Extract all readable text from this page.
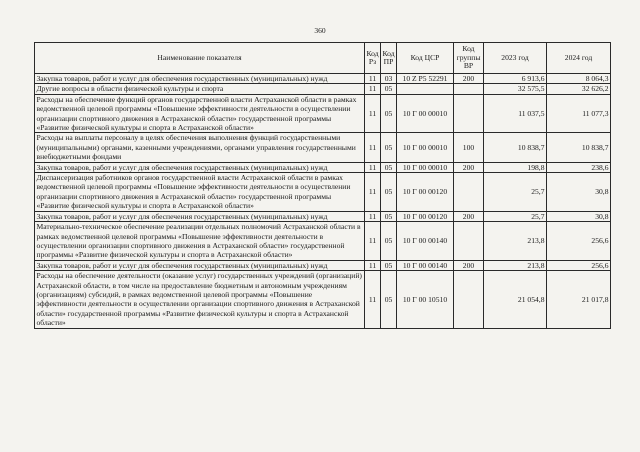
360
Наименование показателя	Код Рз	Код ПР	Код ЦСР	Код группы ВР	2023 год	2024 год
Закупка товаров, работ и услуг для обеспечения государственных (муниципальных) нужд	11	03	10 Z P5 52291	200	6 913,6	8 064,3
Другие вопросы в области физической культуры и спорта	11	05			32 575,5	32 626,2
Расходы на обеспечение функций органов государственной власти Астраханской области в рамках ведомственной целевой программы «Повышение эффективности деятельности в осуществлении организации спортивного движения в Астраханской области» государственной программы «Развитие физической культуры и спорта в Астраханской области»	11	05	10 Г 00 00010		11 037,5	11 077,3
Расходы на выплаты персоналу в целях обеспечения выполнения функций государственными (муниципальными) органами, казенными учреждениями, органами управления государственными внебюджетными фондами	11	05	10 Г 00 00010	100	10 838,7	10 838,7
Закупка товаров, работ и услуг для обеспечения государственных (муниципальных) нужд	11	05	10 Г 00 00010	200	198,8	238,6
Диспансеризация работников органов государственной власти Астраханской области в рамках ведомственной целевой программы «Повышение эффективности деятельности в осуществлении организации спортивного движения в Астраханской области» государственной программы «Развитие физической культуры и спорта в Астраханской области»	11	05	10 Г 00 00120		25,7	30,8
Закупка товаров, работ и услуг для обеспечения государственных (муниципальных) нужд	11	05	10 Г 00 00120	200	25,7	30,8
Материально-техническое обеспечение реализации отдельных полномочий Астраханской области в рамках ведомственной целевой программы «Повышение эффективности деятельности в осуществлении организации спортивного движения в Астраханской области» государственной программы «Развитие физической культуры и спорта в Астраханской области»	11	05	10 Г 00 00140		213,8	256,6
Закупка товаров, работ и услуг для обеспечения государственных (муниципальных) нужд	11	05	10 Г 00 00140	200	213,8	256,6
Расходы на обеспечение деятельности (оказание услуг) государственных учреждений (организаций) Астраханской области, в том числе на предоставление бюджетным и автономным учреждениям (организациям) субсидий, в рамках ведомственной целевой программы «Повышение эффективности деятельности в осуществлении организации спортивного движения в Астраханской области» государственной программы «Развитие физической культуры и спорта в Астраханской области»	11	05	10 Г 00 10510		21 054,8	21 017,8
